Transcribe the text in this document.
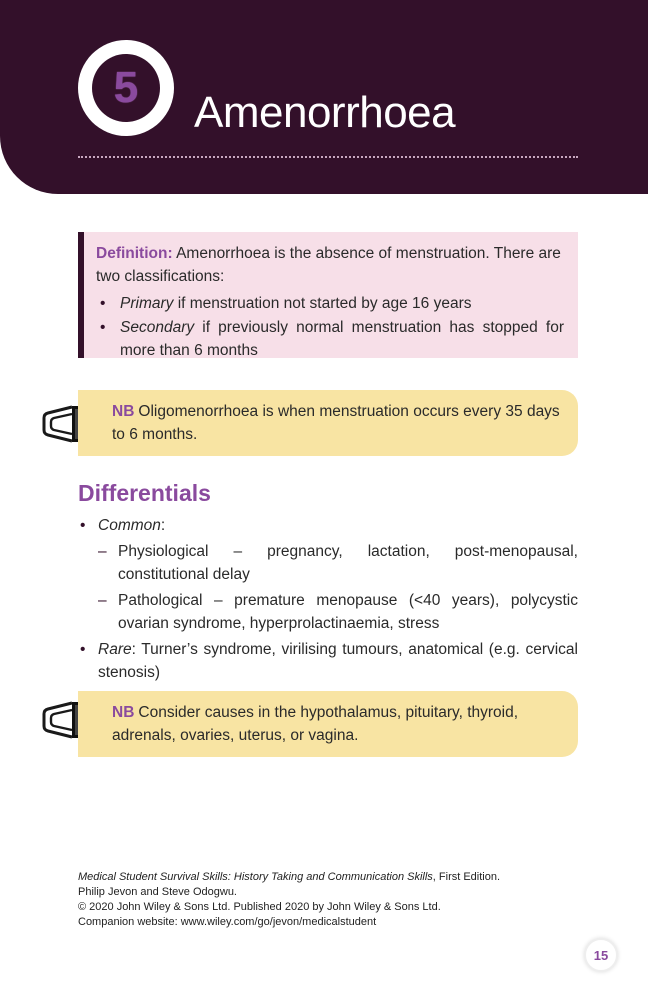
5
Amenorrhoea

Definition: Amenorrhoea is the absence of menstruation. There are two classifications:

• Primary if menstruation not started by age 16 years
• Secondary if previously normal menstruation has stopped for more than 6 months
NB Oligomenorrhoea is when menstruation occurs every 35 days to 6 months.
Differentials
• Common:
– Physiological – pregnancy, lactation, post-menopausal, constitutional delay
– Pathological – premature menopause (<40 years), polycystic ovarian syndrome, hyperprolactinaemia, stress
• Rare: Turner’s syndrome, virilising tumours, anatomical (e.g. cervical stenosis)
NB Consider causes in the hypothalamus, pituitary, thyroid, adrenals, ovaries, uterus, or vagina.
Medical Student Survival Skills: History Taking and Communication Skills, First Edition.
Philip Jevon and Steve Odogwu.
© 2020 John Wiley & Sons Ltd. Published 2020 by John Wiley & Sons Ltd.
Companion website: www.wiley.com/go/jevon/medicalstudent
15
